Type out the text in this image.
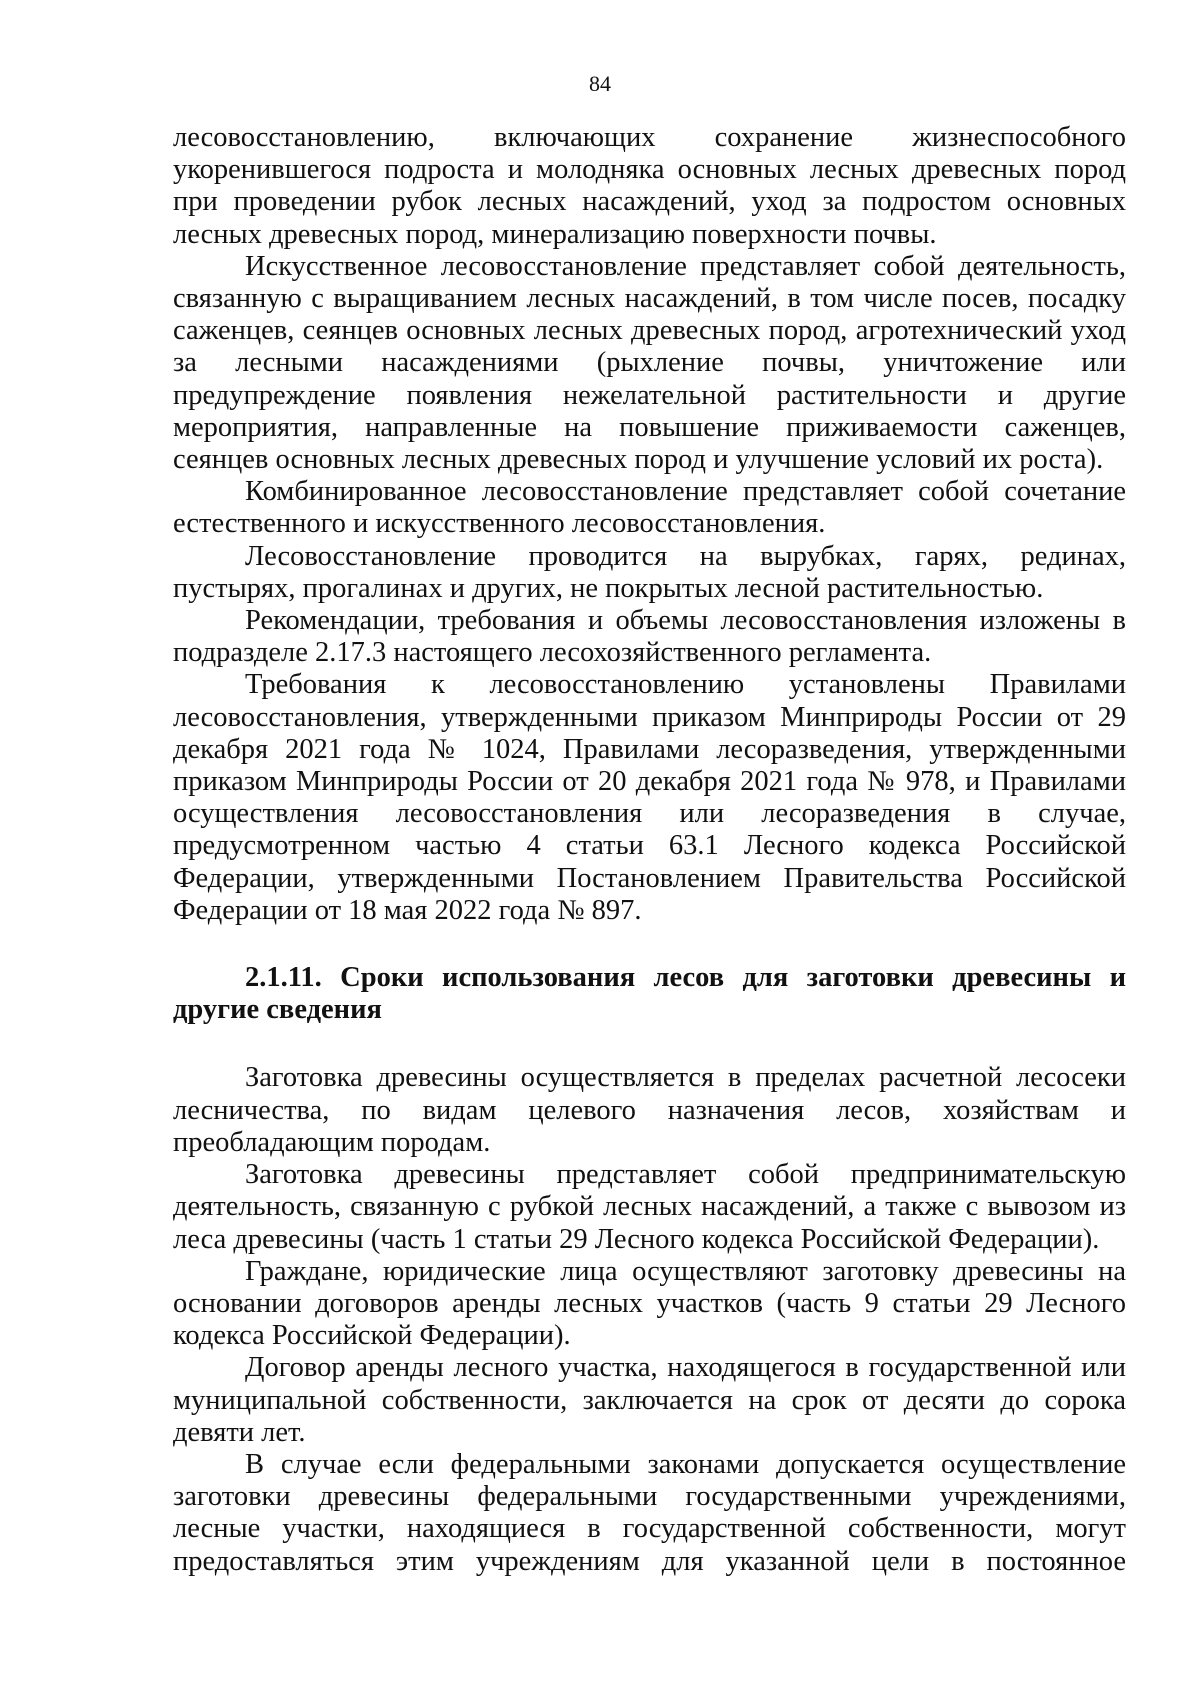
84

лесовосстановлению, включающих сохранение жизнеспособного укоренившегося подроста и молодняка основных лесных древесных пород при проведении рубок лесных насаждений, уход за подростом основных лесных древесных пород, минерализацию поверхности почвы.

Искусственное лесовосстановление представляет собой деятельность, связанную с выращиванием лесных насаждений, в том числе посев, посадку саженцев, сеянцев основных лесных древесных пород, агротехнический уход за лесными насаждениями (рыхление почвы, уничтожение или предупреждение появления нежелательной растительности и другие мероприятия, направленные на повышение приживаемости саженцев, сеянцев основных лесных древесных пород и улучшение условий их роста).

Комбинированное лесовосстановление представляет собой сочетание естественного и искусственного лесовосстановления.

Лесовосстановление проводится на вырубках, гарях, рединах, пустырях, прогалинах и других, не покрытых лесной растительностью.

Рекомендации, требования и объемы лесовосстановления изложены в подразделе 2.17.3 настоящего лесохозяйственного регламента.

Требования к лесовосстановлению установлены Правилами лесовосстановления, утвержденными приказом Минприроды России от 29 декабря 2021 года № 1024, Правилами лесоразведения, утвержденными приказом Минприроды России от 20 декабря 2021 года № 978, и Правилами осуществления лесовосстановления или лесоразведения в случае, предусмотренном частью 4 статьи 63.1 Лесного кодекса Российской Федерации, утвержденными Постановлением Правительства Российской Федерации от 18 мая 2022 года № 897.

2.1.11. Сроки использования лесов для заготовки древесины и другие сведения

Заготовка древесины осуществляется в пределах расчетной лесосеки лесничества, по видам целевого назначения лесов, хозяйствам и преобладающим породам.

Заготовка древесины представляет собой предпринимательскую деятельность, связанную с рубкой лесных насаждений, а также с вывозом из леса древесины (часть 1 статьи 29 Лесного кодекса Российской Федерации).

Граждане, юридические лица осуществляют заготовку древесины на основании договоров аренды лесных участков (часть 9 статьи 29 Лесного кодекса Российской Федерации).

Договор аренды лесного участка, находящегося в государственной или муниципальной собственности, заключается на срок от десяти до сорока девяти лет.

В случае если федеральными законами допускается осуществление заготовки древесины федеральными государственными учреждениями, лесные участки, находящиеся в государственной собственности, могут предоставляться этим учреждениям для указанной цели в постоянное
